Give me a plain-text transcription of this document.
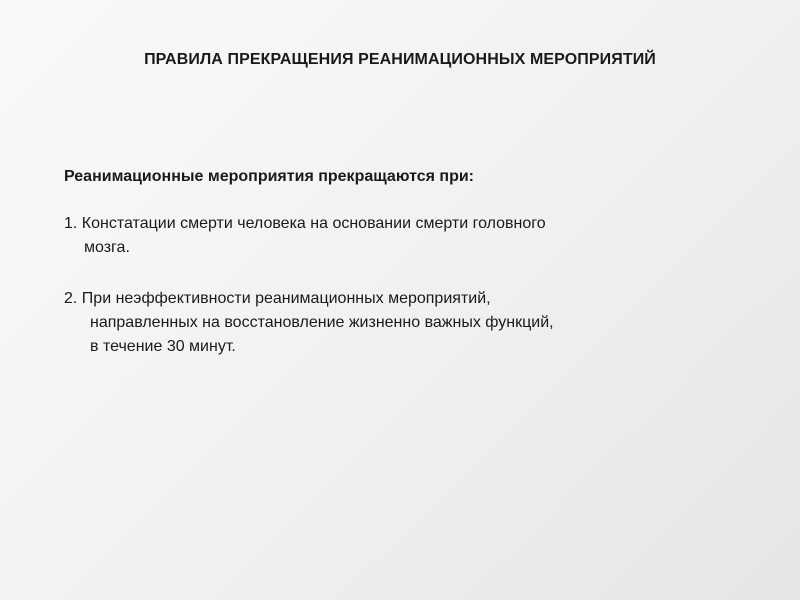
ПРАВИЛА ПРЕКРАЩЕНИЯ РЕАНИМАЦИОННЫХ МЕРОПРИЯТИЙ
Реанимационные мероприятия прекращаются при:
1. Констатации смерти человека на основании смерти головного
мозга.
2. При неэффективности реанимационных мероприятий,
направленных на восстановление жизненно важных функций,
в течение 30 минут.
